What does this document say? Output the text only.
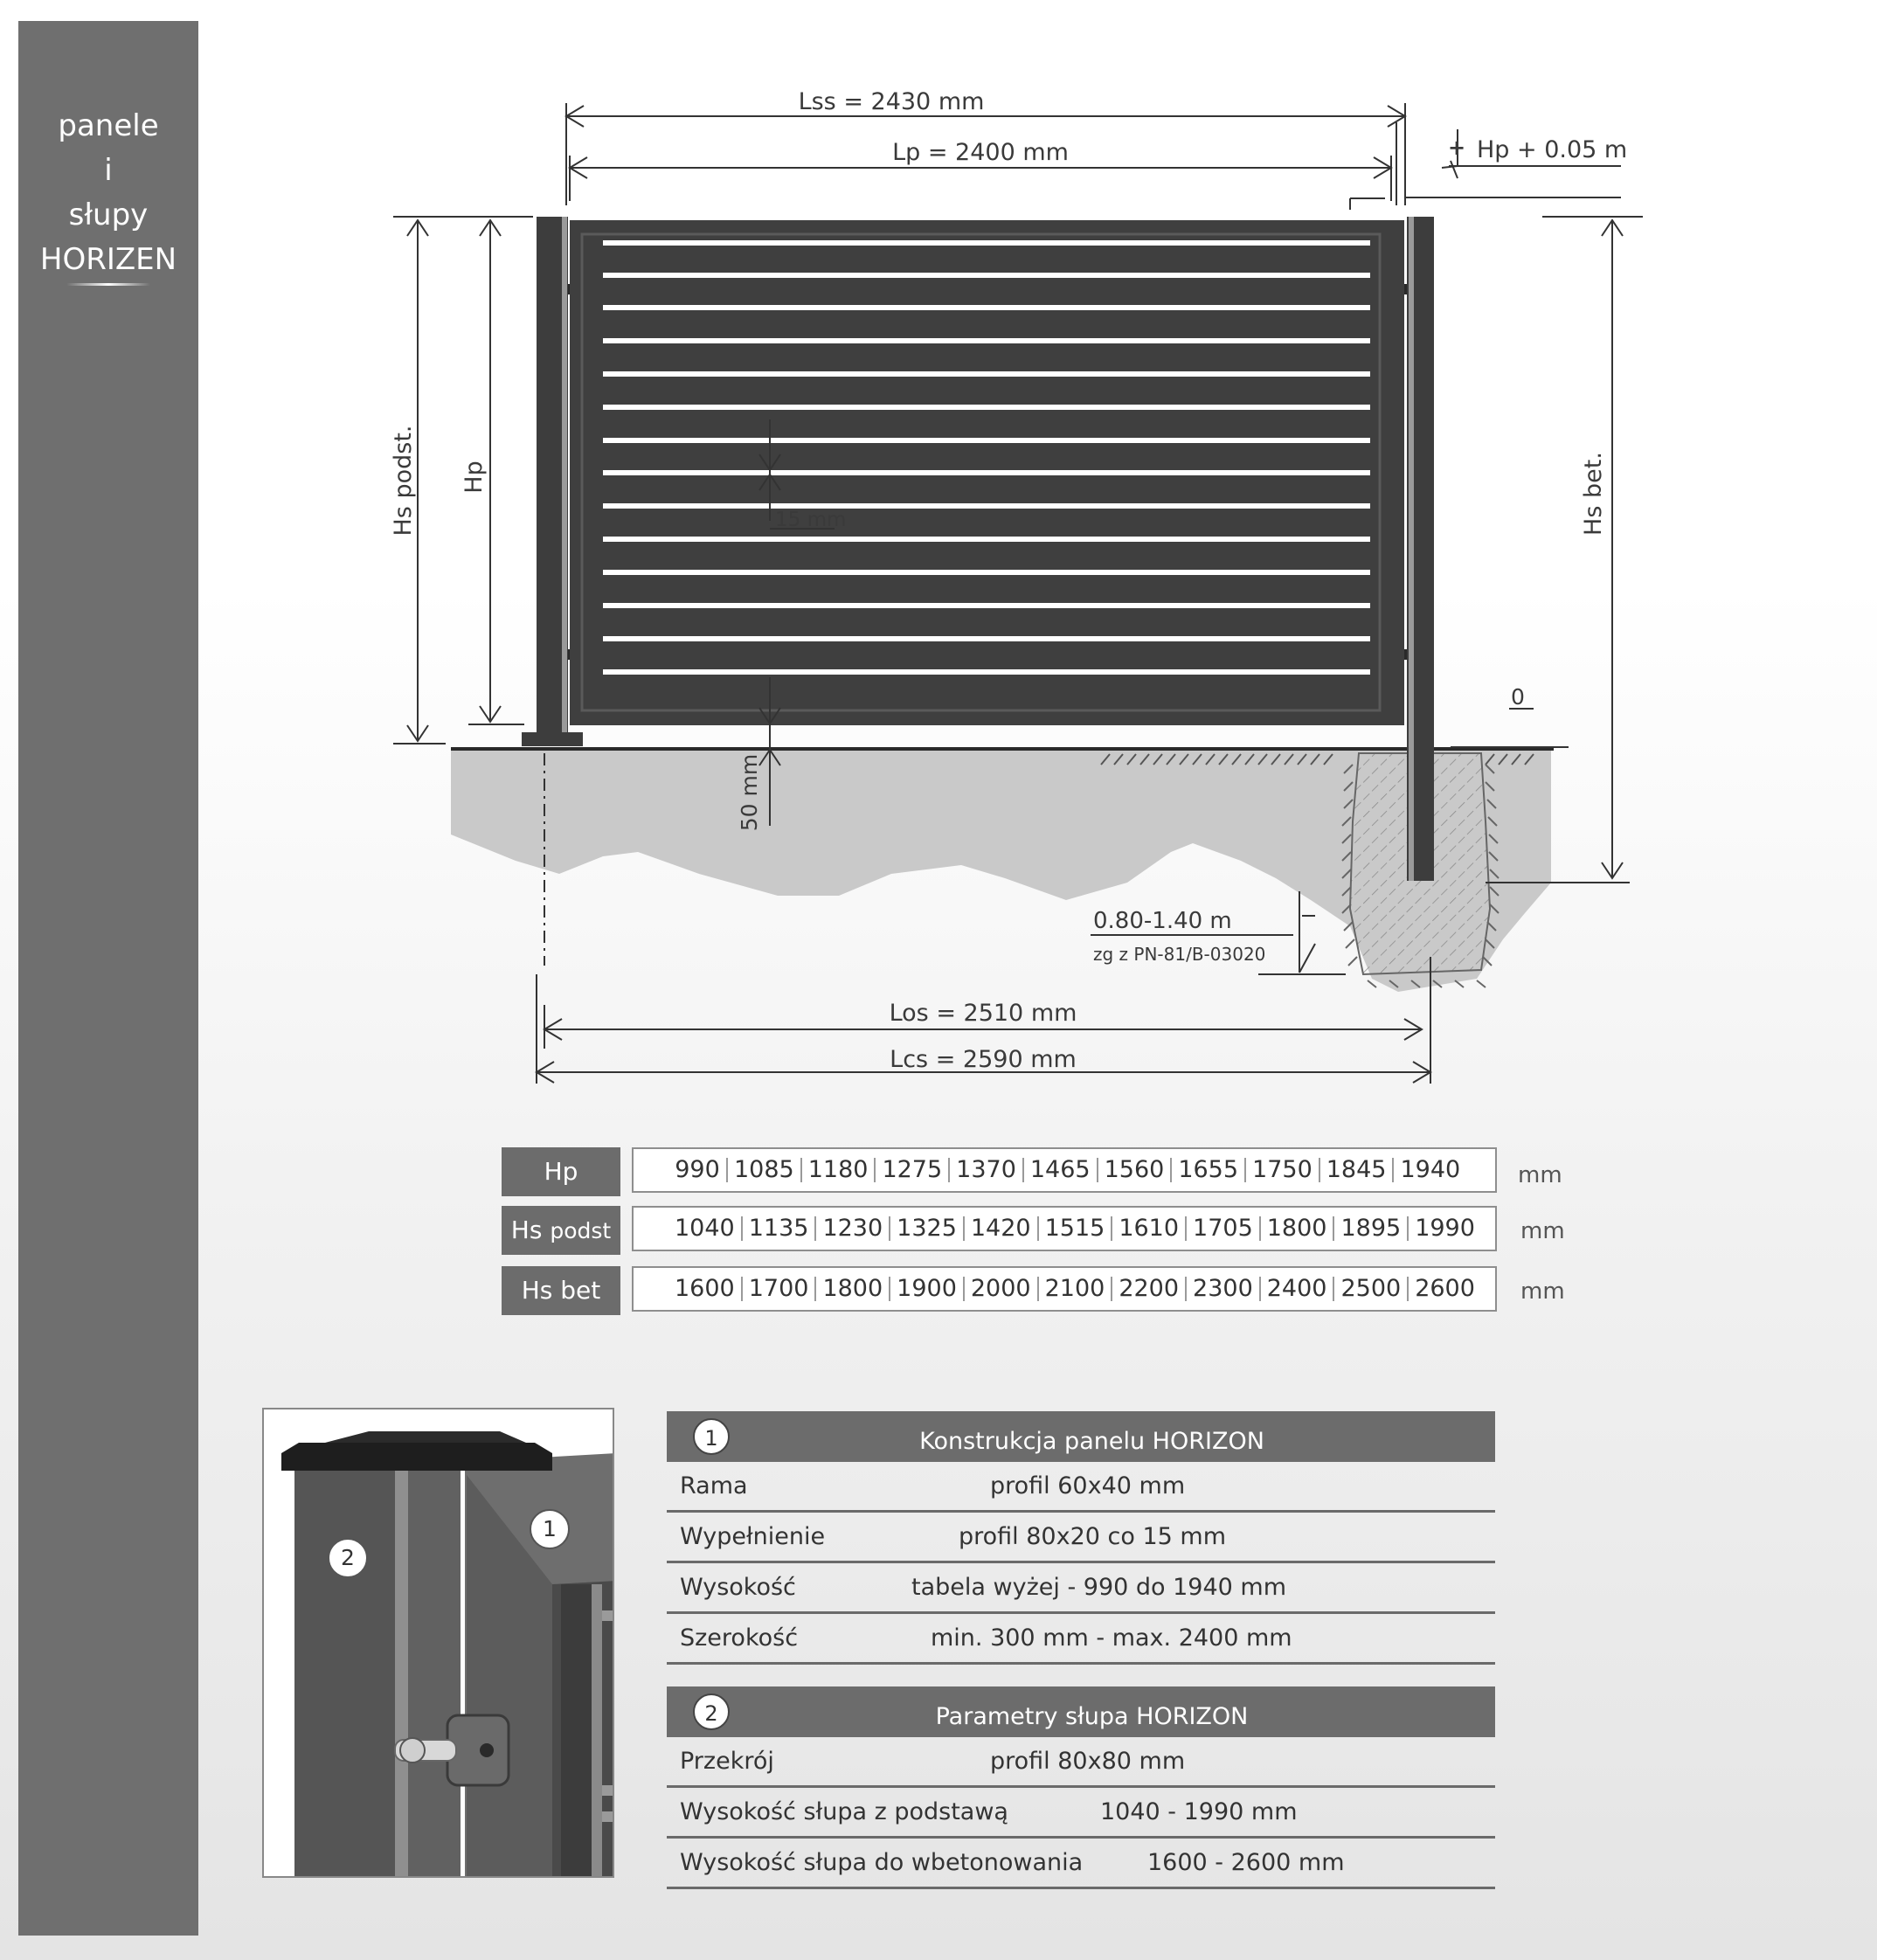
panele
i
słupy
HORIZEN
Lss = 2430 mm
Lp = 2400 mm	Hp + 0.05 m
+
Hs podst. Hp	Hs bet.
15 mm
50 mm
0
0.80-1.40 m
zg z PN-81/B-03020
Los = 2510 mm
Lcs = 2590 mm
Hp	990 1085 1180 1275 1370 1465 1560 1655 1750 1845 1940	mm
Hs podst	1040 1135 1230 1325 1420 1515 1610 1705 1800 1895 1990 mm
Hs bet	1600 1700 1800 1900 2000 2100 2200 2300 2400 2500 2600 mm
1
2
1	Konstrukcja panelu HORIZON
Rama	profil 60x40 mm
Wypełnienie	profil 80x20 co 15 mm
Wysokość	tabela wyżej - 990 do 1940 mm
Szerokość	min. 300 mm - max. 2400 mm
2	Parametry słupa HORIZON
Przekrój	profil 80x80 mm
Wysokość słupa z podstawą	1040 - 1990 mm
Wysokość słupa do wbetonowania	1600 - 2600 mm
